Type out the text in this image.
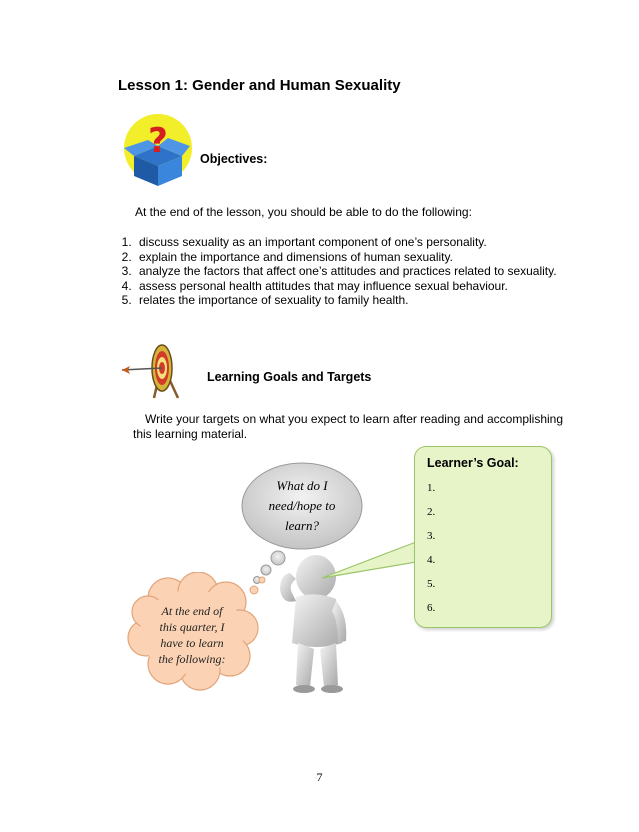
Lesson 1: Gender and Human Sexuality
?	Objectives:
At the end of the lesson, you should be able to do the following:
1. discuss sexuality as an important component of one’s personality.
2. explain the importance and dimensions of human sexuality.
3. analyze the factors that affect one’s attitudes and practices related to sexuality.
4. assess personal health attitudes that may influence sexual behaviour.
5. relates the importance of sexuality to family health.
Learning Goals and Targets
Write your targets on what you expect to learn after reading and accomplishing this learning material.
What do I
need/hope to
learn?
Learner’s Goal:
1.
2.
3.
4.
5.
6.
At the end of
this quarter, I
have to learn
the following:
7
